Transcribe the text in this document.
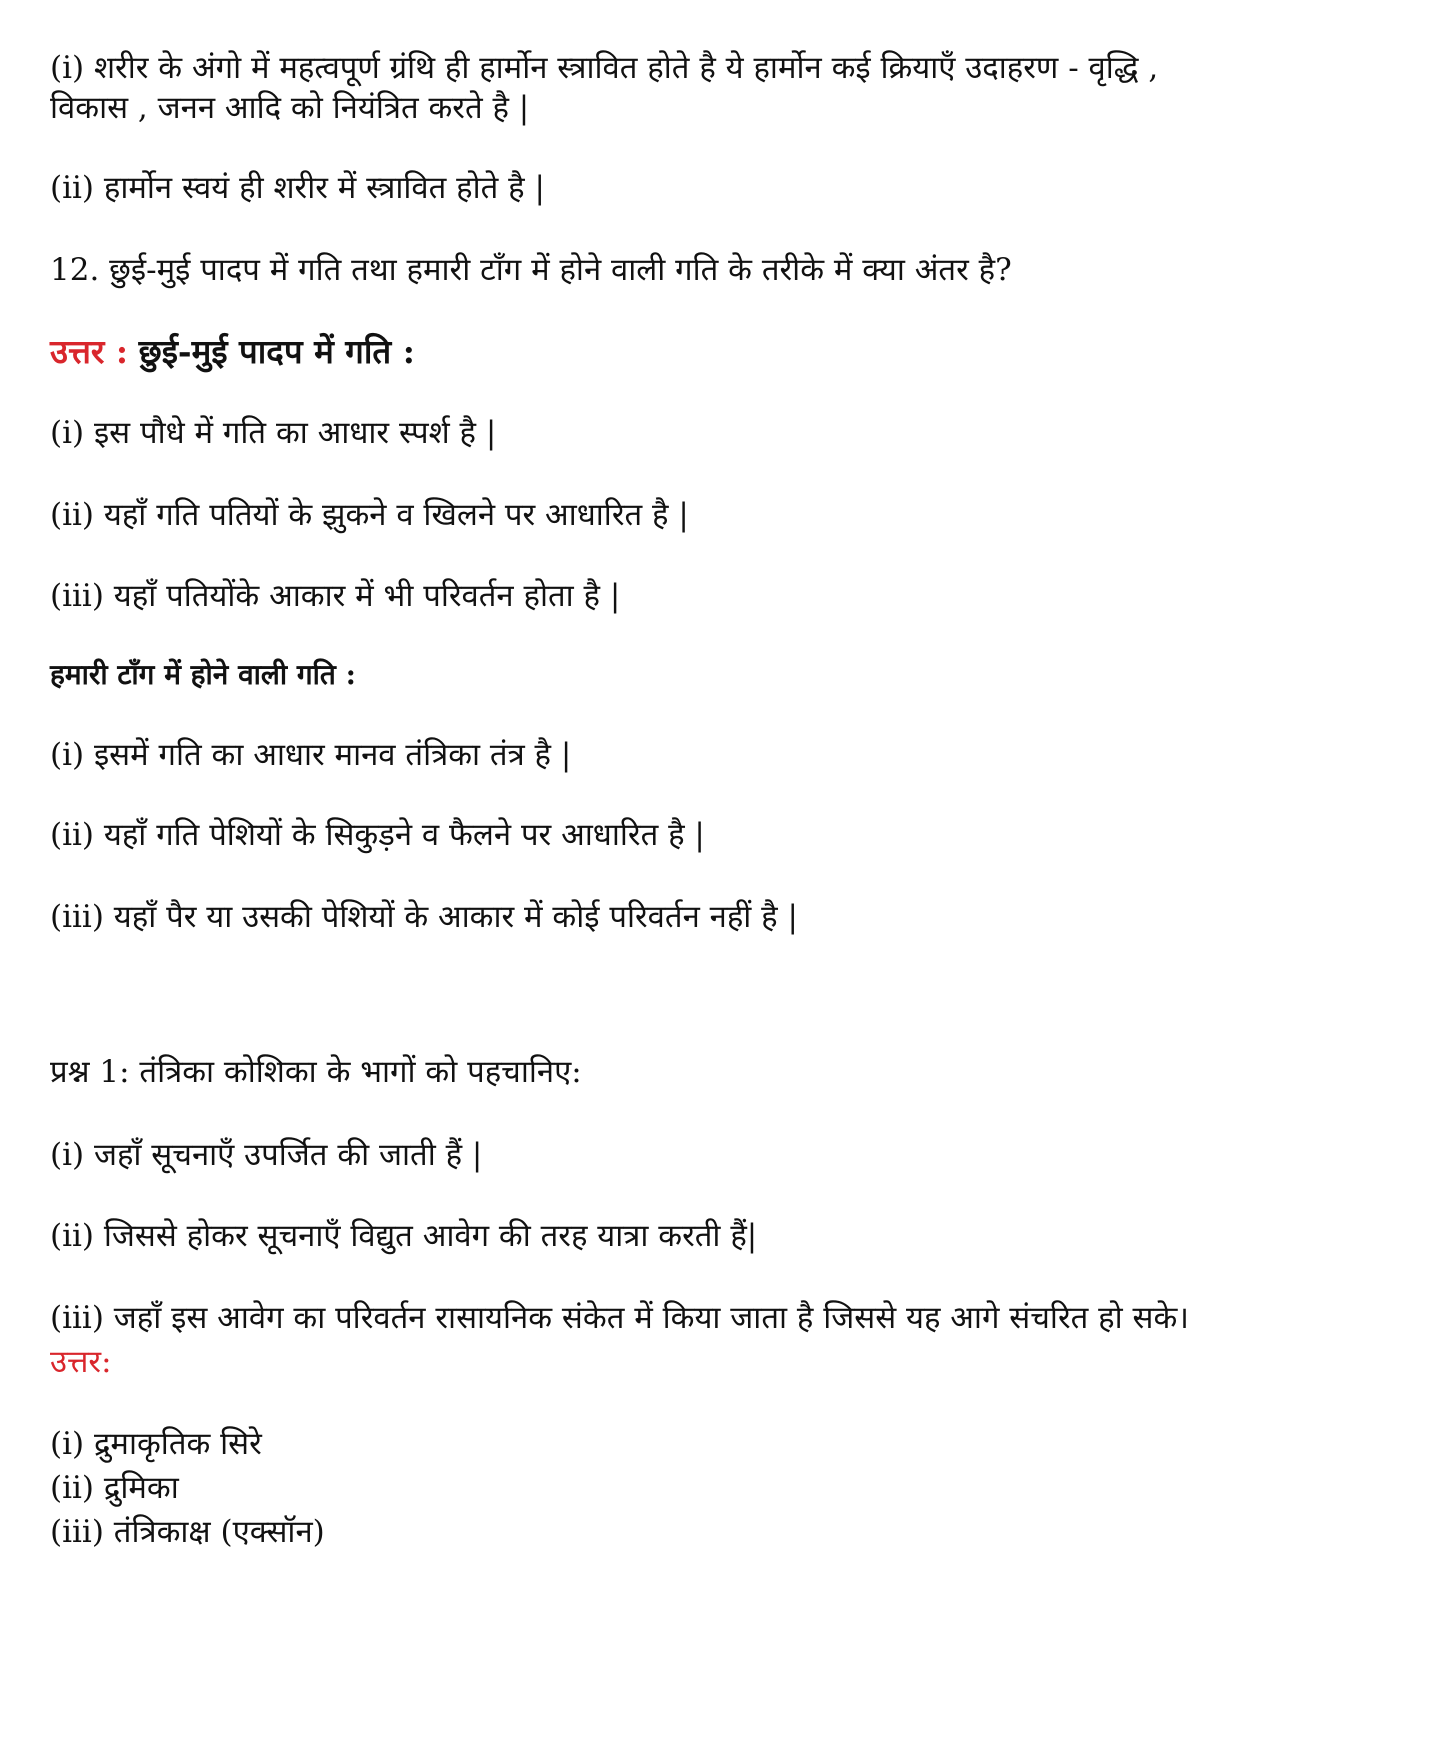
(i) शरीर के अंगो में महत्वपूर्ण ग्रंथि ही हार्मोन स्त्रावित होते है ये हार्मोन कई क्रियाएँ उदाहरण - वृद्धि ,

विकास , जनन आदि को नियंत्रित करते है |

(ii) हार्मोन स्वयं ही शरीर में स्त्रावित होते है |

12. छुई-मुई पादप में गति तथा हमारी टाँग में होने वाली गति के तरीके में क्या अंतर है?

उत्तर : छुई-मुई पादप में गति :

(i) इस पौधे में गति का आधार स्पर्श है |

(ii) यहाँ गति पतियों के झुकने व खिलने पर आधारित है |

(iii) यहाँ पतियोंके आकार में भी परिवर्तन होता है |

हमारी टाँग में होने वाली गति :

(i) इसमें गति का आधार मानव तंत्रिका तंत्र है |

(ii) यहाँ गति पेशियों के सिकुड़ने व फैलने पर आधारित है |

(iii) यहाँ पैर या उसकी पेशियों के आकार में कोई परिवर्तन नहीं है |

प्रश्न 1: तंत्रिका कोशिका के भागों को पहचानिए:

(i) जहाँ सूचनाएँ उपर्जित की जाती हैं |

(ii) जिससे होकर सूचनाएँ विद्युत आवेग की तरह यात्रा करती हैं|

(iii) जहाँ इस आवेग का परिवर्तन रासायनिक संकेत में किया जाता है जिससे यह आगे संचरित हो सके।

उत्तर:

(i) द्रुमाकृतिक सिरे

(ii) द्रुमिका

(iii) तंत्रिकाक्ष (एक्सॉन)
